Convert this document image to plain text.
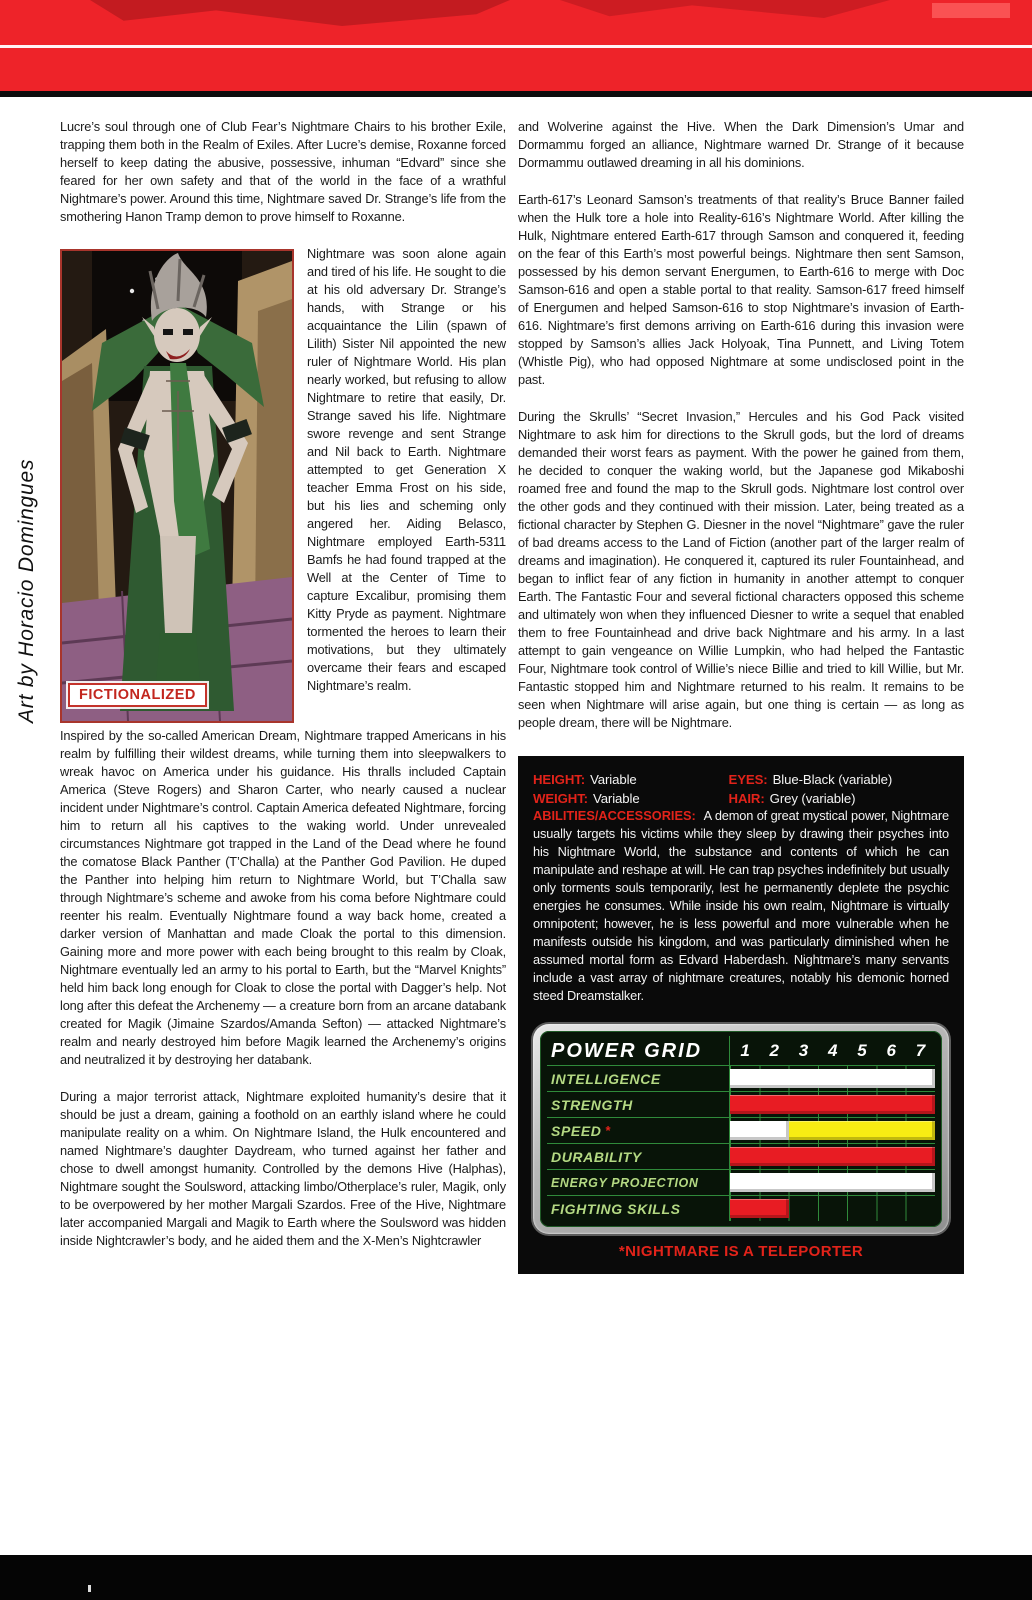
Lucre’s soul through one of Club Fear’s Nightmare Chairs to his brother Exile, trapping them both in the Realm of Exiles. After Lucre’s demise, Roxanne forced herself to keep dating the abusive, possessive, inhuman “Edvard” since she feared for her own safety and that of the world in the face of a wrathful Nightmare’s power. Around this time, Nightmare saved Dr. Strange’s life from the smothering Hanon Tramp demon to prove himself to Roxanne.

Art by Horacio Domingues	FICTIONALIZED

Nightmare was soon alone again and tired of his life. He sought to die at his old adversary Dr. Strange’s hands, with Strange or his acquaintance the Lilin (spawn of Lilith) Sister Nil appointed the new ruler of Nightmare World. His plan nearly worked, but refusing to allow Nightmare to retire that easily, Dr. Strange saved his life. Nightmare swore revenge and sent Strange and Nil back to Earth. Nightmare attempted to get Generation X teacher Emma Frost on his side, but his lies and scheming only angered her. Aiding Belasco, Nightmare employed Earth-5311 Bamfs he had found trapped at the Well at the Center of Time to capture Excalibur, promising them Kitty Pryde as payment. Nightmare tormented the heroes to learn their motivations, but they ultimately overcame their fears and escaped Nightmare’s realm.

Inspired by the so-called American Dream, Nightmare trapped Americans in his realm by fulfilling their wildest dreams, while turning them into sleepwalkers to wreak havoc on America under his guidance. His thralls included Captain America (Steve Rogers) and Sharon Carter, who nearly caused a nuclear incident under Nightmare’s control. Captain America defeated Nightmare, forcing him to return all his captives to the waking world. Under unrevealed circumstances Nightmare got trapped in the Land of the Dead where he found the comatose Black Panther (T’Challa) at the Panther God Pavilion. He duped the Panther into helping him return to Nightmare World, but T’Challa saw through Nightmare’s scheme and awoke from his coma before Nightmare could reenter his realm. Eventually Nightmare found a way back home, created a darker version of Manhattan and made Cloak the portal to this dimension. Gaining more and more power with each being brought to this realm by Cloak, Nightmare eventually led an army to his portal to Earth, but the “Marvel Knights” held him back long enough for Cloak to close the portal with Dagger’s help. Not long after this defeat the Archenemy — a creature born from an arcane databank created for Magik (Jimaine Szardos/Amanda Sefton) — attacked Nightmare’s realm and nearly destroyed him before Magik learned the Archenemy’s origins and neutralized it by destroying her databank.

During a major terrorist attack, Nightmare exploited humanity’s desire that it should be just a dream, gaining a foothold on an earthly island where he could manipulate reality on a whim. On Nightmare Island, the Hulk encountered and named Nightmare’s daughter Daydream, who turned against her father and chose to dwell amongst humanity. Controlled by the demons Hive (Halphas), Nightmare sought the Soulsword, attacking limbo/Otherplace’s ruler, Magik, only to be overpowered by her mother Margali Szardos. Free of the Hive, Nightmare later accompanied Margali and Magik to Earth where the Soulsword was hidden inside Nightcrawler’s body, and he aided them and the X-Men’s Nightcrawler

and Wolverine against the Hive. When the Dark Dimension’s Umar and Dormammu forged an alliance, Nightmare warned Dr. Strange of it because Dormammu outlawed dreaming in all his dominions.

Earth-617’s Leonard Samson’s treatments of that reality’s Bruce Banner failed when the Hulk tore a hole into Reality-616’s Nightmare World. After killing the Hulk, Nightmare entered Earth-617 through Samson and conquered it, feeding on the fear of this Earth’s most powerful beings. Nightmare then sent Samson, possessed by his demon servant Energumen, to Earth-616 to merge with Doc Samson-616 and open a stable portal to that reality. Samson-617 freed himself of Energumen and helped Samson-616 to stop Nightmare’s invasion of Earth-616. Nightmare’s first demons arriving on Earth-616 during this invasion were stopped by Samson’s allies Jack Holyoak, Tina Punnett, and Living Totem (Whistle Pig), who had opposed Nightmare at some undisclosed point in the past.

During the Skrulls’ “Secret Invasion,” Hercules and his God Pack visited Nightmare to ask him for directions to the Skrull gods, but the lord of dreams demanded their worst fears as payment. With the power he gained from them, he decided to conquer the waking world, but the Japanese god Mikaboshi roamed free and found the map to the Skrull gods. Nightmare lost control over the other gods and they continued with their mission. Later, being treated as a fictional character by Stephen G. Diesner in the novel “Nightmare” gave the ruler of bad dreams access to the Land of Fiction (another part of the larger realm of dreams and imagination). He conquered it, captured its ruler Fountainhead, and began to inflict fear of any fiction in humanity in another attempt to conquer Earth. The Fantastic Four and several fictional characters opposed this scheme and ultimately won when they influenced Diesner to write a sequel that enabled them to free Fountainhead and drive back Nightmare and his army. In a last attempt to gain vengeance on Willie Lumpkin, who had helped the Fantastic Four, Nightmare took control of Willie’s niece Billie and tried to kill Willie, but Mr. Fantastic stopped him and Nightmare returned to his realm. It remains to be seen when Nightmare will arise again, but one thing is certain — as long as people dream, there will be Nightmare.

HEIGHT: Variable	EYES: Blue-Black (variable)
WEIGHT: Variable	HAIR: Grey (variable)

ABILITIES/ACCESSORIES: A demon of great mystical power, Nightmare usually targets his victims while they sleep by drawing their psyches into his Nightmare World, the substance and contents of which he can manipulate and reshape at will. He can trap psyches indefinitely but usually only torments souls temporarily, lest he permanently deplete the psychic energies he consumes. While inside his own realm, Nightmare is virtually omnipotent; however, he is less powerful and more vulnerable when he manifests outside his kingdom, and was particularly diminished when he assumed mortal form as Edvard Haberdash. Nightmare’s many servants include a vast array of nightmare creatures, notably his demonic horned steed Dreamstalker.

POWER GRID	1	2	3	4	5	6	7
INTELLIGENCE
STRENGTH
SPEED *
DURABILITY
ENERGY PROJECTION
FIGHTING SKILLS
*NIGHTMARE IS A TELEPORTER
